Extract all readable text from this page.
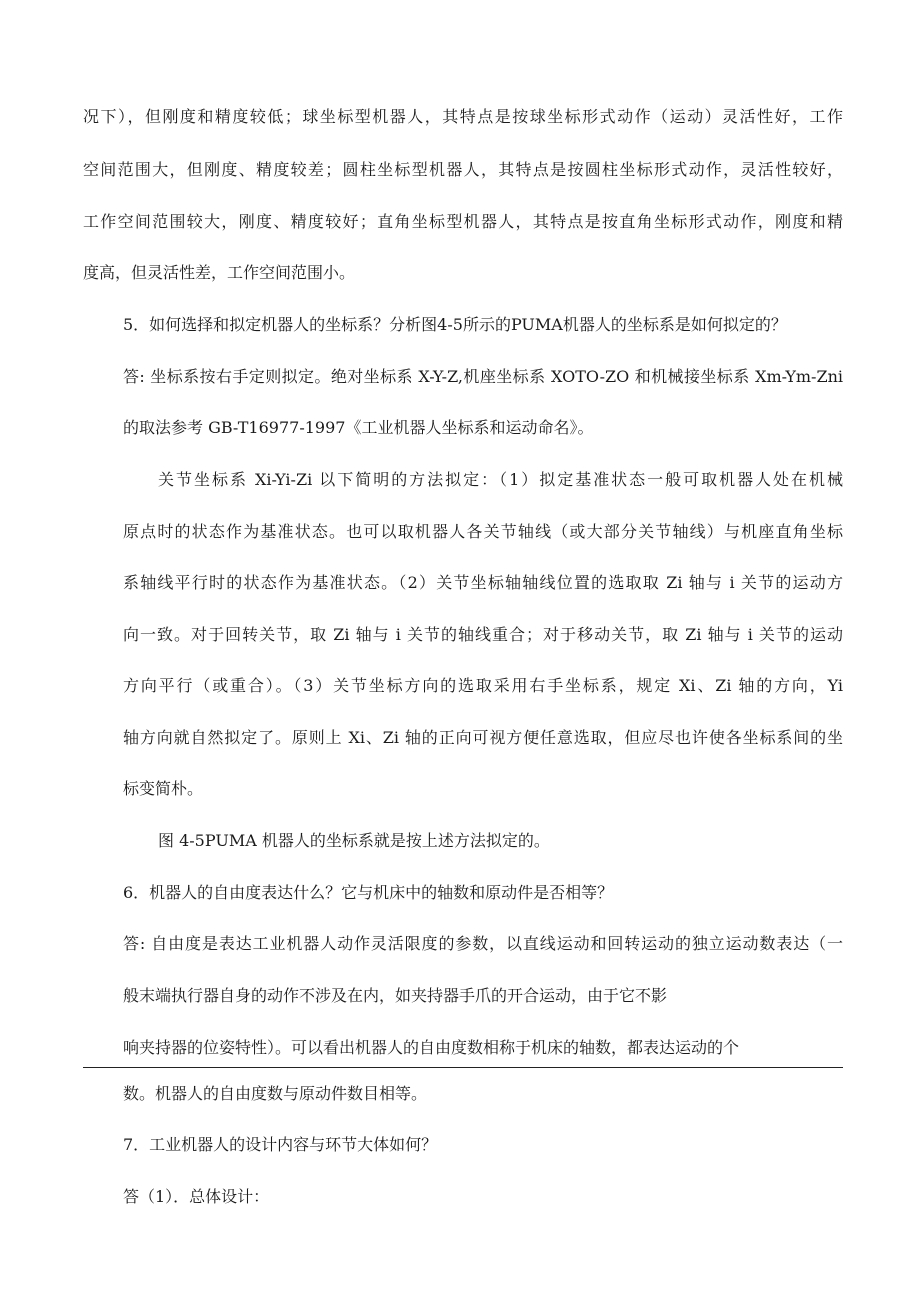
况下），但刚度和精度较低；球坐标型机器人，其特点是按球坐标形式动作（运动）灵活性好，工作
空间范围大，但刚度、精度较差；圆柱坐标型机器人，其特点是按圆柱坐标形式动作，灵活性较好，
工作空间范围较大，刚度、精度较好；直角坐标型机器人，其特点是按直角坐标形式动作，刚度和精
度高，但灵活性差，工作空间范围小。
5．如何选择和拟定机器人的坐标系？分析图4-5所示的PUMA机器人的坐标系是如何拟定的？
答: 坐标系按右手定则拟定。绝对坐标系 X-Y-Z,机座坐标系 XOTO-ZO 和机械接坐标系 Xm-Ym-Zni
的取法参考 GB-T16977-1997《工业机器人坐标系和运动命名》。
关节坐标系 Xi-Yi-Zi 以下简明的方法拟定：（1）拟定基准状态一般可取机器人处在机械
原点时的状态作为基准状态。也可以取机器人各关节轴线（或大部分关节轴线）与机座直角坐标
系轴线平行时的状态作为基准状态。（2）关节坐标轴轴线位置的选取取 Zi 轴与 i 关节的运动方
向一致。对于回转关节，取 Zi 轴与 i 关节的轴线重合；对于移动关节，取 Zi 轴与 i 关节的运动
方向平行（或重合）。（3）关节坐标方向的选取采用右手坐标系，规定 Xi、Zi 轴的方向，Yi
轴方向就自然拟定了。原则上 Xi、Zi 轴的正向可视方便任意选取，但应尽也许使各坐标系间的坐
标变简朴。
图 4-5PUMA 机器人的坐标系就是按上述方法拟定的。
6．机器人的自由度表达什么？它与机床中的轴数和原动件是否相等？
答: 自由度是表达工业机器人动作灵活限度的参数，以直线运动和回转运动的独立运动数表达（一
般末端执行器自身的动作不涉及在内，如夹持器手爪的开合运动，由于它不影
响夹持器的位姿特性）。可以看出机器人的自由度数相称于机床的轴数，都表达运动的个
数。机器人的自由度数与原动件数目相等。
7．工业机器人的设计内容与环节大体如何？
答（1）．总体设计：
